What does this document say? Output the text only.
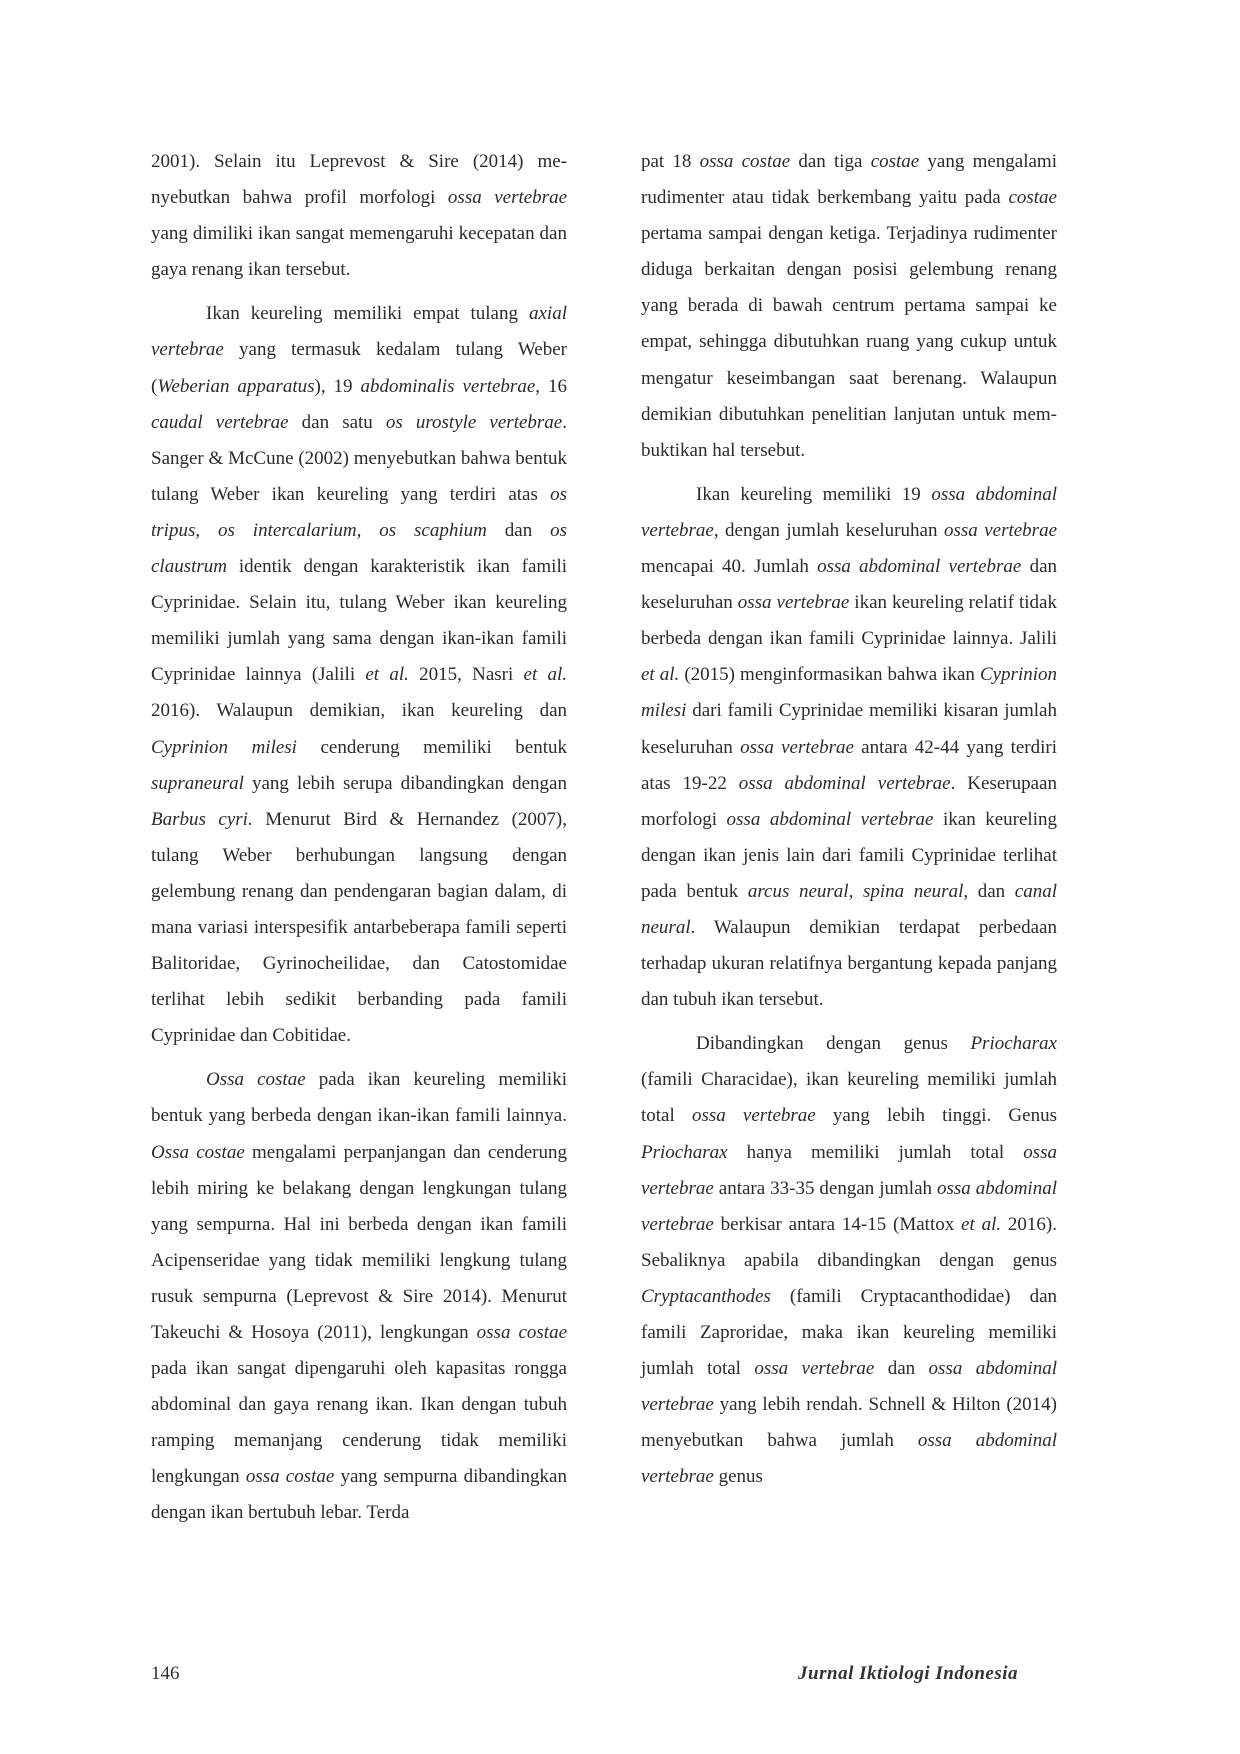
2001). Selain itu Leprevost & Sire (2014) menyebutkan bahwa profil morfologi ossa vertebrae yang dimiliki ikan sangat memengaruhi kecepatan dan gaya renang ikan tersebut.

Ikan keureling memiliki empat tulang axial vertebrae yang termasuk kedalam tulang Weber (Weberian apparatus), 19 abdominalis vertebrae, 16 caudal vertebrae dan satu os urostyle vertebrae. Sanger & McCune (2002) menyebutkan bahwa bentuk tulang Weber ikan keureling yang terdiri atas os tripus, os intercalarium, os scaphium dan os claustrum identik dengan karakteristik ikan famili Cyprinidae. Selain itu, tulang Weber ikan keureling memiliki jumlah yang sama dengan ikan-ikan famili Cyprinidae lainnya (Jalili et al. 2015, Nasri et al. 2016). Walaupun demikian, ikan keureling dan Cyprinion milesi cenderung memiliki bentuk supraneural yang lebih serupa dibandingkan dengan Barbus cyri. Menurut Bird & Hernandez (2007), tulang Weber berhubungan langsung dengan gelembung renang dan pendengaran bagian dalam, di mana variasi interspesifik antarbeberapa famili seperti Balitoridae, Gyrinocheilidae, dan Catostomidae terlihat lebih sedikit berbanding pada famili Cyprinidae dan Cobitidae.

Ossa costae pada ikan keureling memiliki bentuk yang berbeda dengan ikan-ikan famili lainnya. Ossa costae mengalami perpanjangan dan cenderung lebih miring ke belakang dengan lengkungan tulang yang sempurna. Hal ini berbeda dengan ikan famili Acipenseridae yang tidak memiliki lengkung tulang rusuk sempurna (Leprevost & Sire 2014). Menurut Takeuchi & Hosoya (2011), lengkungan ossa costae pada ikan sangat dipengaruhi oleh kapasitas rongga abdominal dan gaya renang ikan. Ikan dengan tubuh ramping memanjang cenderung tidak memiliki lengkungan ossa costae yang sempurna dibandingkan dengan ikan bertubuh lebar. Terda

pat 18 ossa costae dan tiga costae yang mengalami rudimenter atau tidak berkembang yaitu pada costae pertama sampai dengan ketiga. Terjadinya rudimenter diduga berkaitan dengan posisi gelembung renang yang berada di bawah centrum pertama sampai ke empat, sehingga dibutuhkan ruang yang cukup untuk mengatur keseimbangan saat berenang. Walaupun demikian dibutuhkan penelitian lanjutan untuk membuktikan hal tersebut.

Ikan keureling memiliki 19 ossa abdominal vertebrae, dengan jumlah keseluruhan ossa vertebrae mencapai 40. Jumlah ossa abdominal vertebrae dan keseluruhan ossa vertebrae ikan keureling relatif tidak berbeda dengan ikan famili Cyprinidae lainnya. Jalili et al. (2015) menginformasikan bahwa ikan Cyprinion milesi dari famili Cyprinidae memiliki kisaran jumlah keseluruhan ossa vertebrae antara 42-44 yang terdiri atas 19-22 ossa abdominal vertebrae. Keserupaan morfologi ossa abdominal vertebrae ikan keureling dengan ikan jenis lain dari famili Cyprinidae terlihat pada bentuk arcus neural, spina neural, dan canal neural. Walaupun demikian terdapat perbedaan terhadap ukuran relatifnya bergantung kepada panjang dan tubuh ikan tersebut.

Dibandingkan dengan genus Priocharax (famili Characidae), ikan keureling memiliki jumlah total ossa vertebrae yang lebih tinggi. Genus Priocharax hanya memiliki jumlah total ossa vertebrae antara 33-35 dengan jumlah ossa abdominal vertebrae berkisar antara 14-15 (Mattox et al. 2016). Sebaliknya apabila dibandingkan dengan genus Cryptacanthodes (famili Cryptacanthodidae) dan famili Zaproridae, maka ikan keureling memiliki jumlah total ossa vertebrae dan ossa abdominal vertebrae yang lebih rendah. Schnell & Hilton (2014) menyebutkan bahwa jumlah ossa abdominal vertebrae genus

146	Jurnal Iktiologi Indonesia
